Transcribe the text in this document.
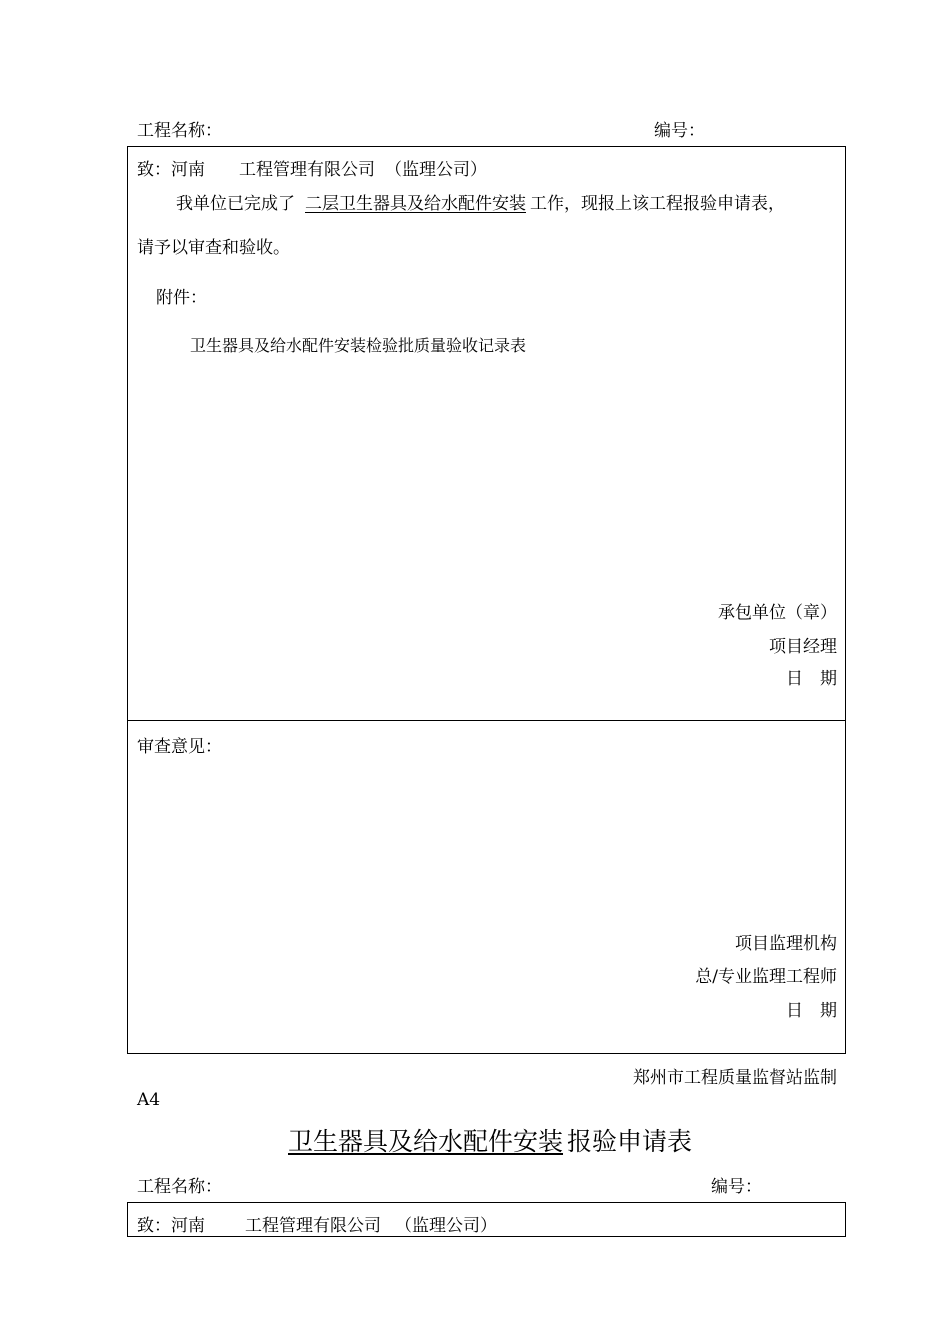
工程名称：	编号：
致：河南 工程管理有限公司 （监理公司）
我单位已完成了 二层卫生器具及给水配件安装 工作，现报上该工程报验申请表，
请予以审查和验收。
附件：
卫生器具及给水配件安装检验批质量验收记录表
承包单位（章）
项目经理
日　期
审查意见：
项目监理机构
总/专业监理工程师
日　期
郑州市工程质量监督站监制
A4
卫生器具及给水配件安装 报验申请表
工程名称：	编号：
致：河南 工程管理有限公司 （监理公司）
